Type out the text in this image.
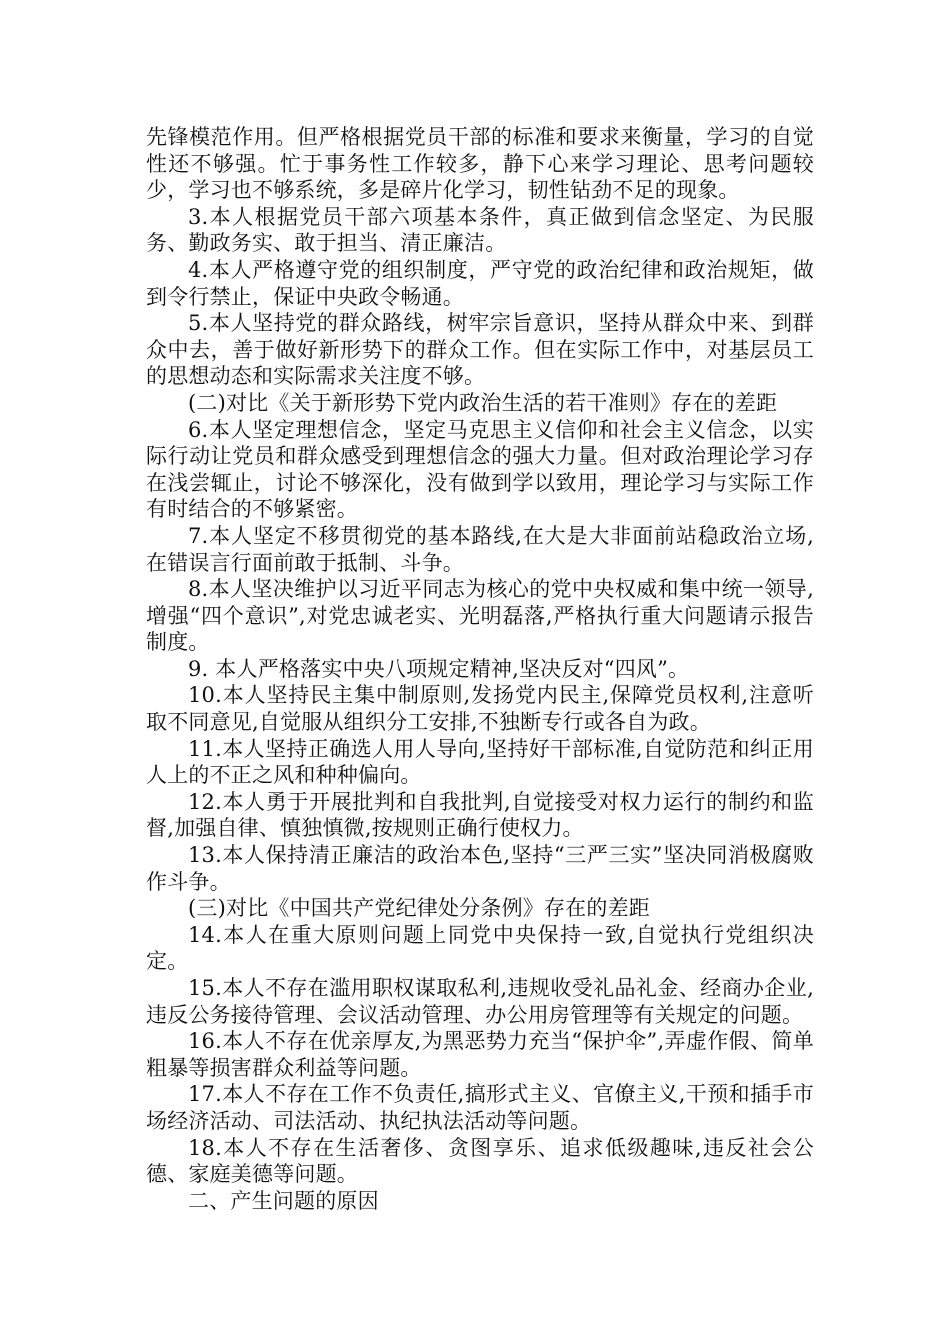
先锋模范作用。但严格根据党员干部的标准和要求来衡量，学习的自觉性还不够强。忙于事务性工作较多，静下心来学习理论、思考问题较少，学习也不够系统，多是碎片化学习，韧性钻劲不足的现象。

3.本人根据党员干部六项基本条件，真正做到信念坚定、为民服务、勤政务实、敢于担当、清正廉洁。

4.本人严格遵守党的组织制度，严守党的政治纪律和政治规矩，做到令行禁止，保证中央政令畅通。

5.本人坚持党的群众路线，树牢宗旨意识，坚持从群众中来、到群众中去，善于做好新形势下的群众工作。但在实际工作中，对基层员工的思想动态和实际需求关注度不够。

(二)对比《关于新形势下党内政治生活的若干准则》存在的差距

6.本人坚定理想信念，坚定马克思主义信仰和社会主义信念，以实际行动让党员和群众感受到理想信念的强大力量。但对政治理论学习存在浅尝辄止，讨论不够深化，没有做到学以致用，理论学习与实际工作有时结合的不够紧密。

7.本人坚定不移贯彻党的基本路线,在大是大非面前站稳政治立场,在错误言行面前敢于抵制、斗争。

8.本人坚决维护以习近平同志为核心的党中央权威和集中统一领导,增强“四个意识”,对党忠诚老实、光明磊落,严格执行重大问题请示报告制度。

9. 本人严格落实中央八项规定精神,坚决反对“四风”。

10.本人坚持民主集中制原则,发扬党内民主,保障党员权利,注意听取不同意见,自觉服从组织分工安排,不独断专行或各自为政。

11.本人坚持正确选人用人导向,坚持好干部标准,自觉防范和纠正用人上的不正之风和种种偏向。

12.本人勇于开展批判和自我批判,自觉接受对权力运行的制约和监督,加强自律、慎独慎微,按规则正确行使权力。

13.本人保持清正廉洁的政治本色,坚持“三严三实”坚决同消极腐败作斗争。

(三)对比《中国共产党纪律处分条例》存在的差距

14.本人在重大原则问题上同党中央保持一致,自觉执行党组织决定。

15.本人不存在滥用职权谋取私利,违规收受礼品礼金、经商办企业,违反公务接待管理、会议活动管理、办公用房管理等有关规定的问题。

16.本人不存在优亲厚友,为黑恶势力充当“保护伞”,弄虚作假、简单粗暴等损害群众利益等问题。

17.本人不存在工作不负责任,搞形式主义、官僚主义,干预和插手市场经济活动、司法活动、执纪执法活动等问题。

18.本人不存在生活奢侈、贪图享乐、追求低级趣味,违反社会公德、家庭美德等问题。

二、产生问题的原因
